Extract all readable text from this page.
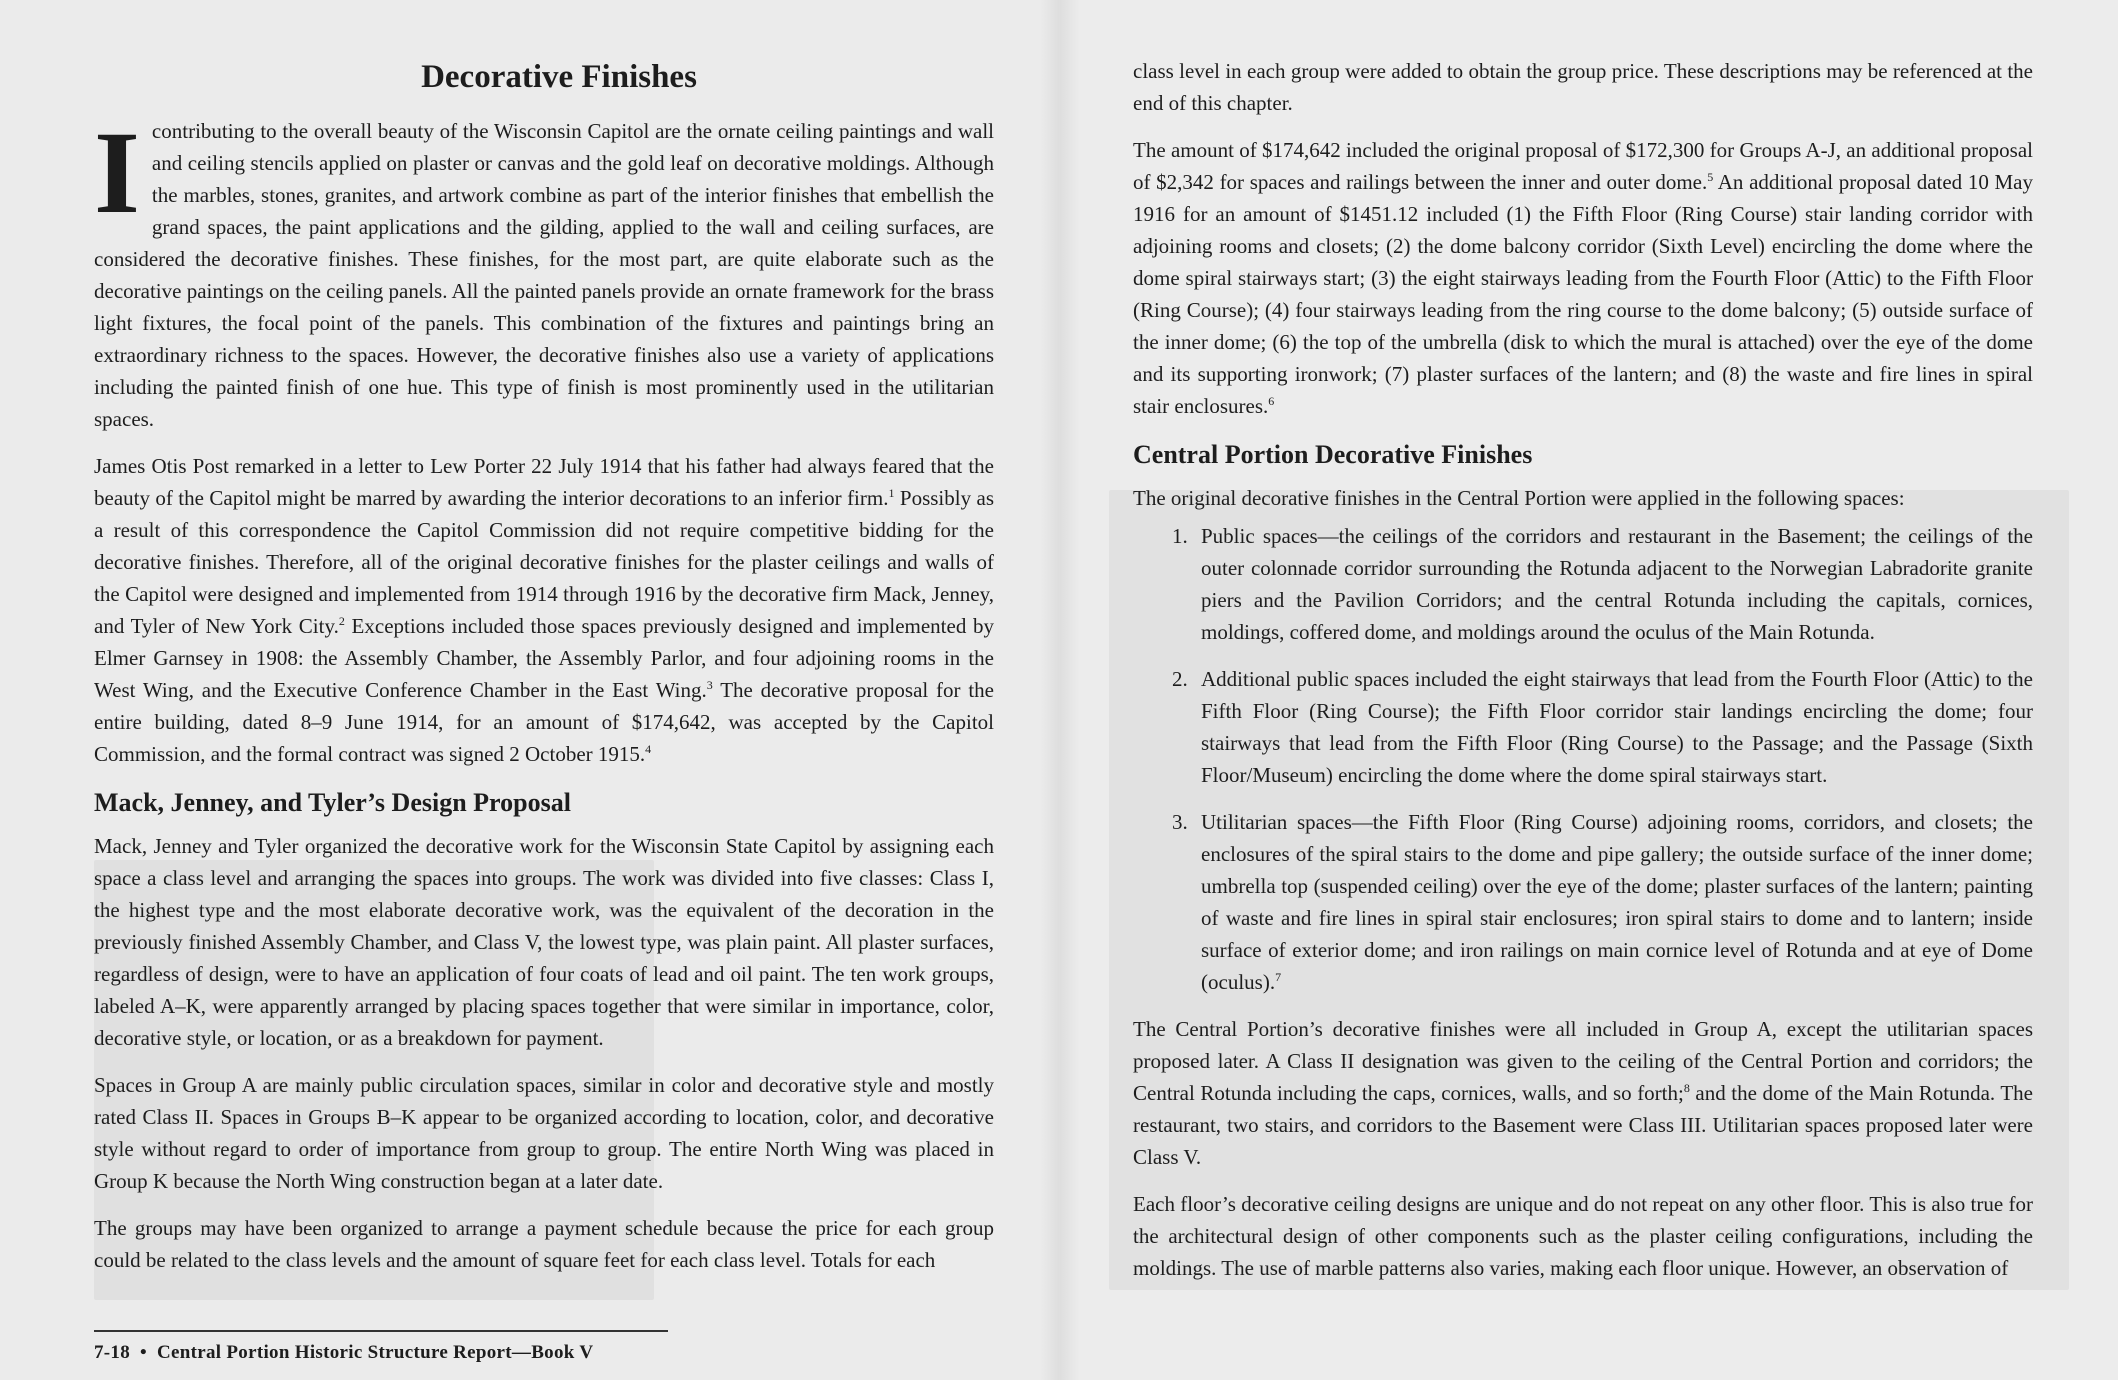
Decorative Finishes

Icontributing to the overall beauty of the Wisconsin Capitol are the ornate ceiling paintings and wall and ceiling stencils applied on plaster or canvas and the gold leaf on decorative moldings. Although the marbles, stones, granites, and artwork combine as part of the interior finishes that embellish the grand spaces, the paint applications and the gilding, applied to the wall and ceiling surfaces, are considered the decorative finishes. These finishes, for the most part, are quite elaborate such as the decorative paintings on the ceiling panels. All the painted panels provide an ornate framework for the brass light fixtures, the focal point of the panels. This combination of the fixtures and paintings bring an extraordinary richness to the spaces. However, the decorative finishes also use a variety of applications including the painted finish of one hue. This type of finish is most prominently used in the utilitarian spaces.

James Otis Post remarked in a letter to Lew Porter 22 July 1914 that his father had always feared that the beauty of the Capitol might be marred by awarding the interior decorations to an inferior firm.$^1$ Possibly as a result of this correspondence the Capitol Commission did not require competitive bidding for the decorative finishes. Therefore, all of the original decorative finishes for the plaster ceilings and walls of the Capitol were designed and implemented from 1914 through 1916 by the decorative firm Mack, Jenney, and Tyler of New York City.$^2$ Exceptions included those spaces previously designed and implemented by Elmer Garnsey in 1908: the Assembly Chamber, the Assembly Parlor, and four adjoining rooms in the West Wing, and the Executive Conference Chamber in the East Wing.$^3$ The decorative proposal for the entire building, dated 8–9 June 1914, for an amount of $174,642, was accepted by the Capitol Commission, and the formal contract was signed 2 October 1915.$^4$

Mack, Jenney, and Tyler’s Design Proposal

Mack, Jenney and Tyler organized the decorative work for the Wisconsin State Capitol by assigning each space a class level and arranging the spaces into groups. The work was divided into five classes: Class I, the highest type and the most elaborate decorative work, was the equivalent of the decoration in the previously finished Assembly Chamber, and Class V, the lowest type, was plain paint. All plaster surfaces, regardless of design, were to have an application of four coats of lead and oil paint. The ten work groups, labeled A–K, were apparently arranged by placing spaces together that were similar in importance, color, decorative style, or location, or as a breakdown for payment.

Spaces in Group A are mainly public circulation spaces, similar in color and decorative style and mostly rated Class II. Spaces in Groups B–K appear to be organized according to location, color, and decorative style without regard to order of importance from group to group. The entire North Wing was placed in Group K because the North Wing construction began at a later date.

The groups may have been organized to arrange a payment schedule because the price for each group could be related to the class levels and the amount of square feet for each class level. Totals for each

7-18 • Central Portion Historic Structure Report—Book V

class level in each group were added to obtain the group price. These descriptions may be referenced at the end of this chapter.

The amount of $174,642 included the original proposal of $172,300 for Groups A-J, an additional proposal of $2,342 for spaces and railings between the inner and outer dome.$^5$ An additional proposal dated 10 May 1916 for an amount of $1451.12 included (1) the Fifth Floor (Ring Course) stair landing corridor with adjoining rooms and closets; (2) the dome balcony corridor (Sixth Level) encircling the dome where the dome spiral stairways start; (3) the eight stairways leading from the Fourth Floor (Attic) to the Fifth Floor (Ring Course); (4) four stairways leading from the ring course to the dome balcony; (5) outside surface of the inner dome; (6) the top of the umbrella (disk to which the mural is attached) over the eye of the dome and its supporting ironwork; (7) plaster surfaces of the lantern; and (8) the waste and fire lines in spiral stair enclosures.$^6$

Central Portion Decorative Finishes

The original decorative finishes in the Central Portion were applied in the following spaces:

1. Public spaces—the ceilings of the corridors and restaurant in the Basement; the ceilings of the outer colonnade corridor surrounding the Rotunda adjacent to the Norwegian Labradorite granite piers and the Pavilion Corridors; and the central Rotunda including the capitals, cornices, moldings, coffered dome, and moldings around the oculus of the Main Rotunda.
2. Additional public spaces included the eight stairways that lead from the Fourth Floor (Attic) to the Fifth Floor (Ring Course); the Fifth Floor corridor stair landings encircling the dome; four stairways that lead from the Fifth Floor (Ring Course) to the Passage; and the Passage (Sixth Floor/Museum) encircling the dome where the dome spiral stairways start.
3. Utilitarian spaces—the Fifth Floor (Ring Course) adjoining rooms, corridors, and closets; the enclosures of the spiral stairs to the dome and pipe gallery; the outside surface of the inner dome; umbrella top (suspended ceiling) over the eye of the dome; plaster surfaces of the lantern; painting of waste and fire lines in spiral stair enclosures; iron spiral stairs to dome and to lantern; inside surface of exterior dome; and iron railings on main cornice level of Rotunda and at eye of Dome (oculus).$^7$

The Central Portion’s decorative finishes were all included in Group A, except the utilitarian spaces proposed later. A Class II designation was given to the ceiling of the Central Portion and corridors; the Central Rotunda including the caps, cornices, walls, and so forth;$^8$ and the dome of the Main Rotunda. The restaurant, two stairs, and corridors to the Basement were Class III. Utilitarian spaces proposed later were Class V.

Each floor’s decorative ceiling designs are unique and do not repeat on any other floor. This is also true for the architectural design of other components such as the plaster ceiling configurations, including the moldings. The use of marble patterns also varies, making each floor unique. However, an observation of
